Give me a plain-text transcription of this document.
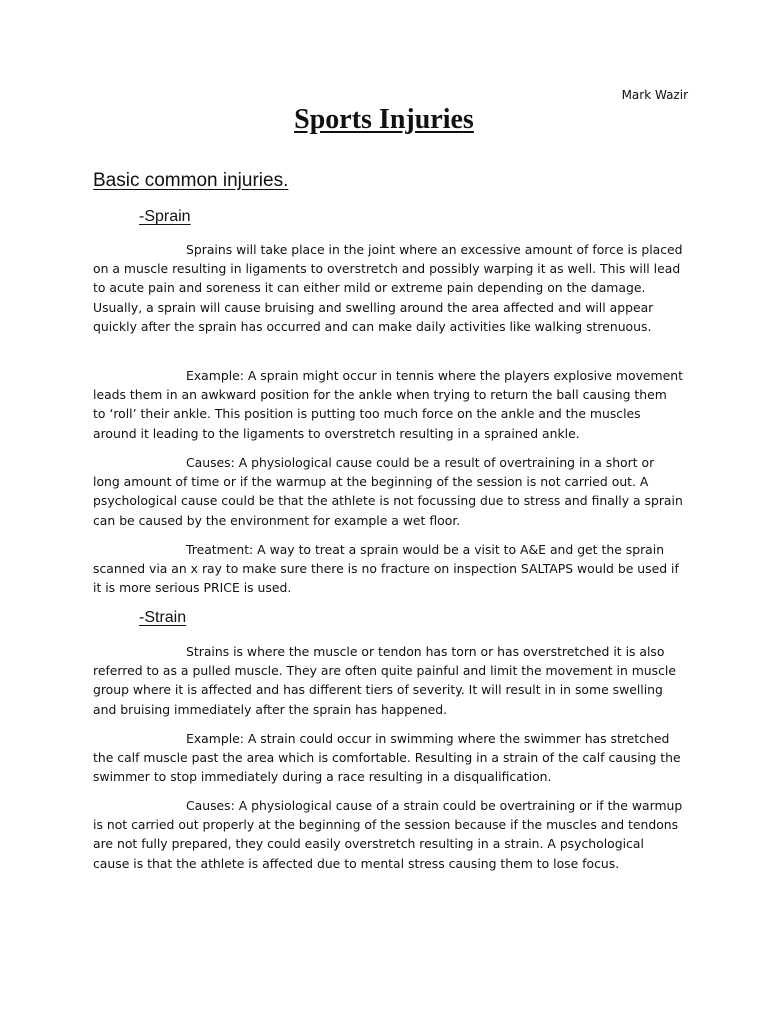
Mark Wazir
Sports Injuries
Basic common injuries.
-Sprain

Sprains will take place in the joint where an excessive amount of force is placed on a muscle resulting in ligaments to overstretch and possibly warping it as well. This will lead to acute pain and soreness it can either mild or extreme pain depending on the damage. Usually, a sprain will cause bruising and swelling around the area affected and will appear quickly after the sprain has occurred and can make daily activities like walking strenuous.

Example: A sprain might occur in tennis where the players explosive movement leads them in an awkward position for the ankle when trying to return the ball causing them to ‘roll’ their ankle. This position is putting too much force on the ankle and the muscles around it leading to the ligaments to overstretch resulting in a sprained ankle.

Causes: A physiological cause could be a result of overtraining in a short or long amount of time or if the warmup at the beginning of the session is not carried out. A psychological cause could be that the athlete is not focussing due to stress and finally a sprain can be caused by the environment for example a wet floor.

Treatment: A way to treat a sprain would be a visit to A&E and get the sprain scanned via an x ray to make sure there is no fracture on inspection SALTAPS would be used if it is more serious PRICE is used.

-Strain

Strains is where the muscle or tendon has torn or has overstretched it is also referred to as a pulled muscle. They are often quite painful and limit the movement in muscle group where it is affected and has different tiers of severity. It will result in in some swelling and bruising immediately after the sprain has happened.

Example: A strain could occur in swimming where the swimmer has stretched the calf muscle past the area which is comfortable. Resulting in a strain of the calf causing the swimmer to stop immediately during a race resulting in a disqualification.

Causes: A physiological cause of a strain could be overtraining or if the warmup is not carried out properly at the beginning of the session because if the muscles and tendons are not fully prepared, they could easily overstretch resulting in a strain. A psychological cause is that the athlete is affected due to mental stress causing them to lose focus.
